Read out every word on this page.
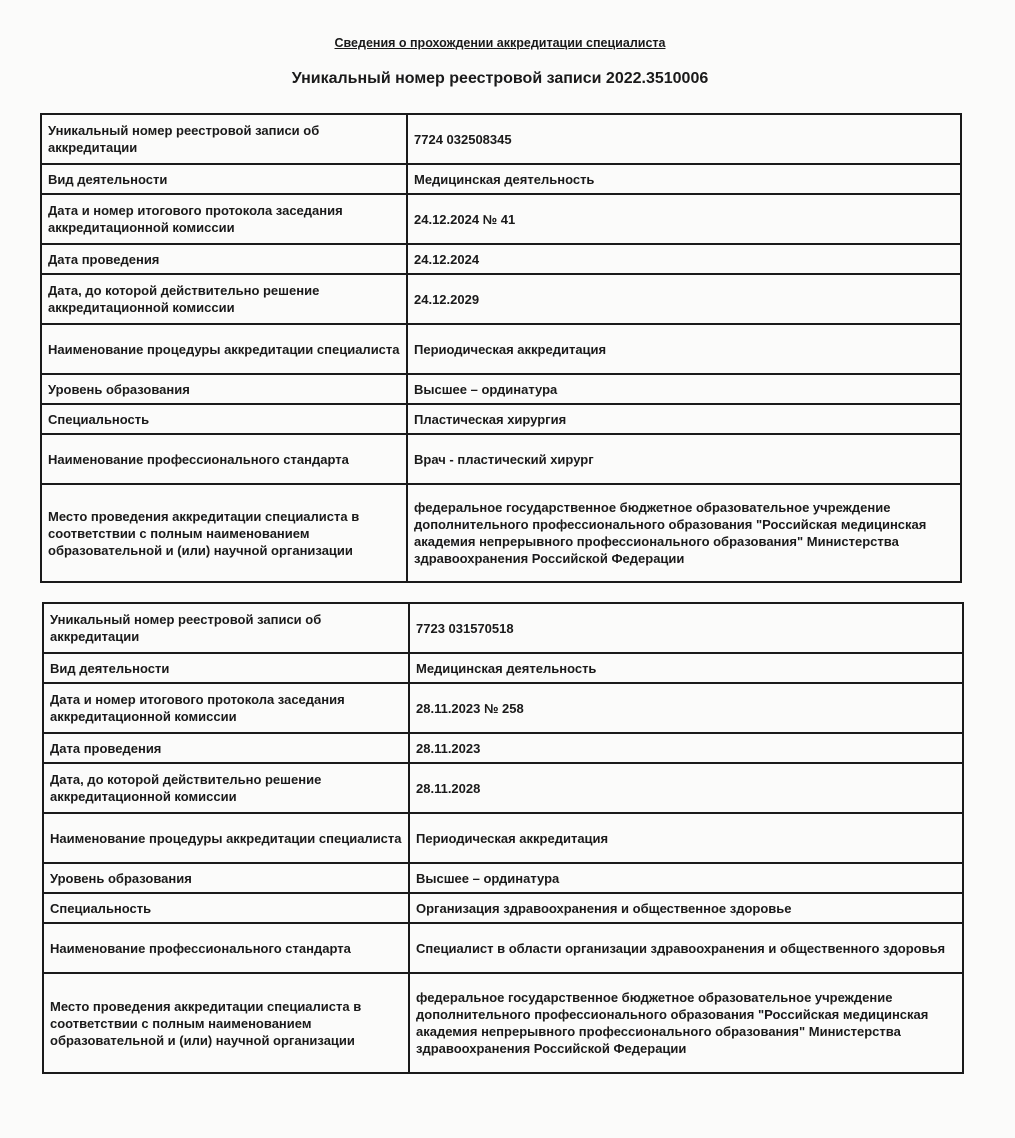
Сведения о прохождении аккредитации специалиста
Уникальный номер реестровой записи 2022.3510006
Уникальный номер реестровой записи об аккредитации	7724 032508345
Вид деятельности	Медицинская деятельность
Дата и номер итогового протокола заседания аккредитационной комиссии	24.12.2024 № 41
Дата проведения	24.12.2024
Дата, до которой действительно решение аккредитационной комиссии	24.12.2029
Наименование процедуры аккредитации специалиста	Периодическая аккредитация
Уровень образования	Высшее – ординатура
Специальность	Пластическая хирургия
Наименование профессионального стандарта	Врач - пластический хирург
Место проведения аккредитации специалиста в соответствии с полным наименованием образовательной и (или) научной организации	федеральное государственное бюджетное образовательное учреждение дополнительного профессионального образования "Российская медицинская академия непрерывного профессионального образования" Министерства здравоохранения Российской Федерации
Уникальный номер реестровой записи об аккредитации	7723 031570518
Вид деятельности	Медицинская деятельность
Дата и номер итогового протокола заседания аккредитационной комиссии	28.11.2023 № 258
Дата проведения	28.11.2023
Дата, до которой действительно решение аккредитационной комиссии	28.11.2028
Наименование процедуры аккредитации специалиста	Периодическая аккредитация
Уровень образования	Высшее – ординатура
Специальность	Организация здравоохранения и общественное здоровье
Наименование профессионального стандарта	Специалист в области организации здравоохранения и общественного здоровья
Место проведения аккредитации специалиста в соответствии с полным наименованием образовательной и (или) научной организации	федеральное государственное бюджетное образовательное учреждение дополнительного профессионального образования "Российская медицинская академия непрерывного профессионального образования" Министерства здравоохранения Российской Федерации
